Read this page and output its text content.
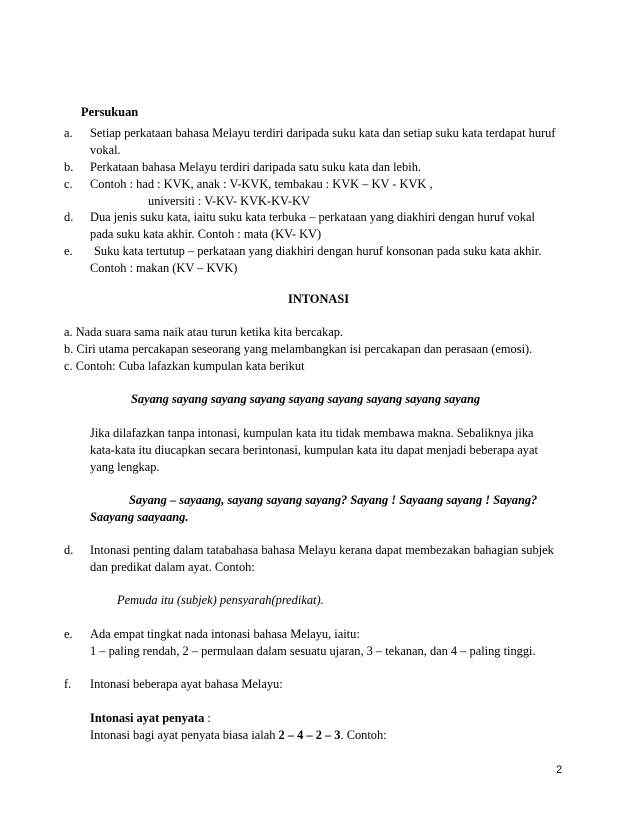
Persukuan
a. Setiap perkataan bahasa Melayu terdiri daripada suku kata dan setiap suku kata terdapat huruf
vokal.
b. Perkataan bahasa Melayu terdiri daripada satu suku kata dan lebih.
c. Contoh : had : KVK, anak : V-KVK, tembakau : KVK – KV - KVK ,
universiti : V-KV- KVK-KV-KV
d. Dua jenis suku kata, iaitu suku kata terbuka – perkataan yang diakhiri dengan huruf vokal
pada suku kata akhir. Contoh : mata (KV- KV)
e. Suku kata tertutup – perkataan yang diakhiri dengan huruf konsonan pada suku kata akhir.
Contoh : makan (KV – KVK)
INTONASI
a. Nada suara sama naik atau turun ketika kita bercakap.
b. Ciri utama percakapan seseorang yang melambangkan isi percakapan dan perasaan (emosi).
c. Contoh: Cuba lafazkan kumpulan kata berikut
Sayang sayang sayang sayang sayang sayang sayang sayang sayang
Jika dilafazkan tanpa intonasi, kumpulan kata itu tidak membawa makna. Sebaliknya jika
kata-kata itu diucapkan secara berintonasi, kumpulan kata itu dapat menjadi beberapa ayat
yang lengkap.
Sayang – sayaang, sayang sayang sayang? Sayang ! Sayaang sayang ! Sayang?
Saayang saayaang.
d. Intonasi penting dalam tatabahasa bahasa Melayu kerana dapat membezakan bahagian subjek
dan predikat dalam ayat. Contoh:
Pemuda itu (subjek) pensyarah(predikat).
e. Ada empat tingkat nada intonasi bahasa Melayu, iaitu:
1 – paling rendah, 2 – permulaan dalam sesuatu ujaran, 3 – tekanan, dan 4 – paling tinggi.
f. Intonasi beberapa ayat bahasa Melayu:
Intonasi ayat penyata :
Intonasi bagi ayat penyata biasa ialah 2 – 4 – 2 – 3. Contoh:
2
